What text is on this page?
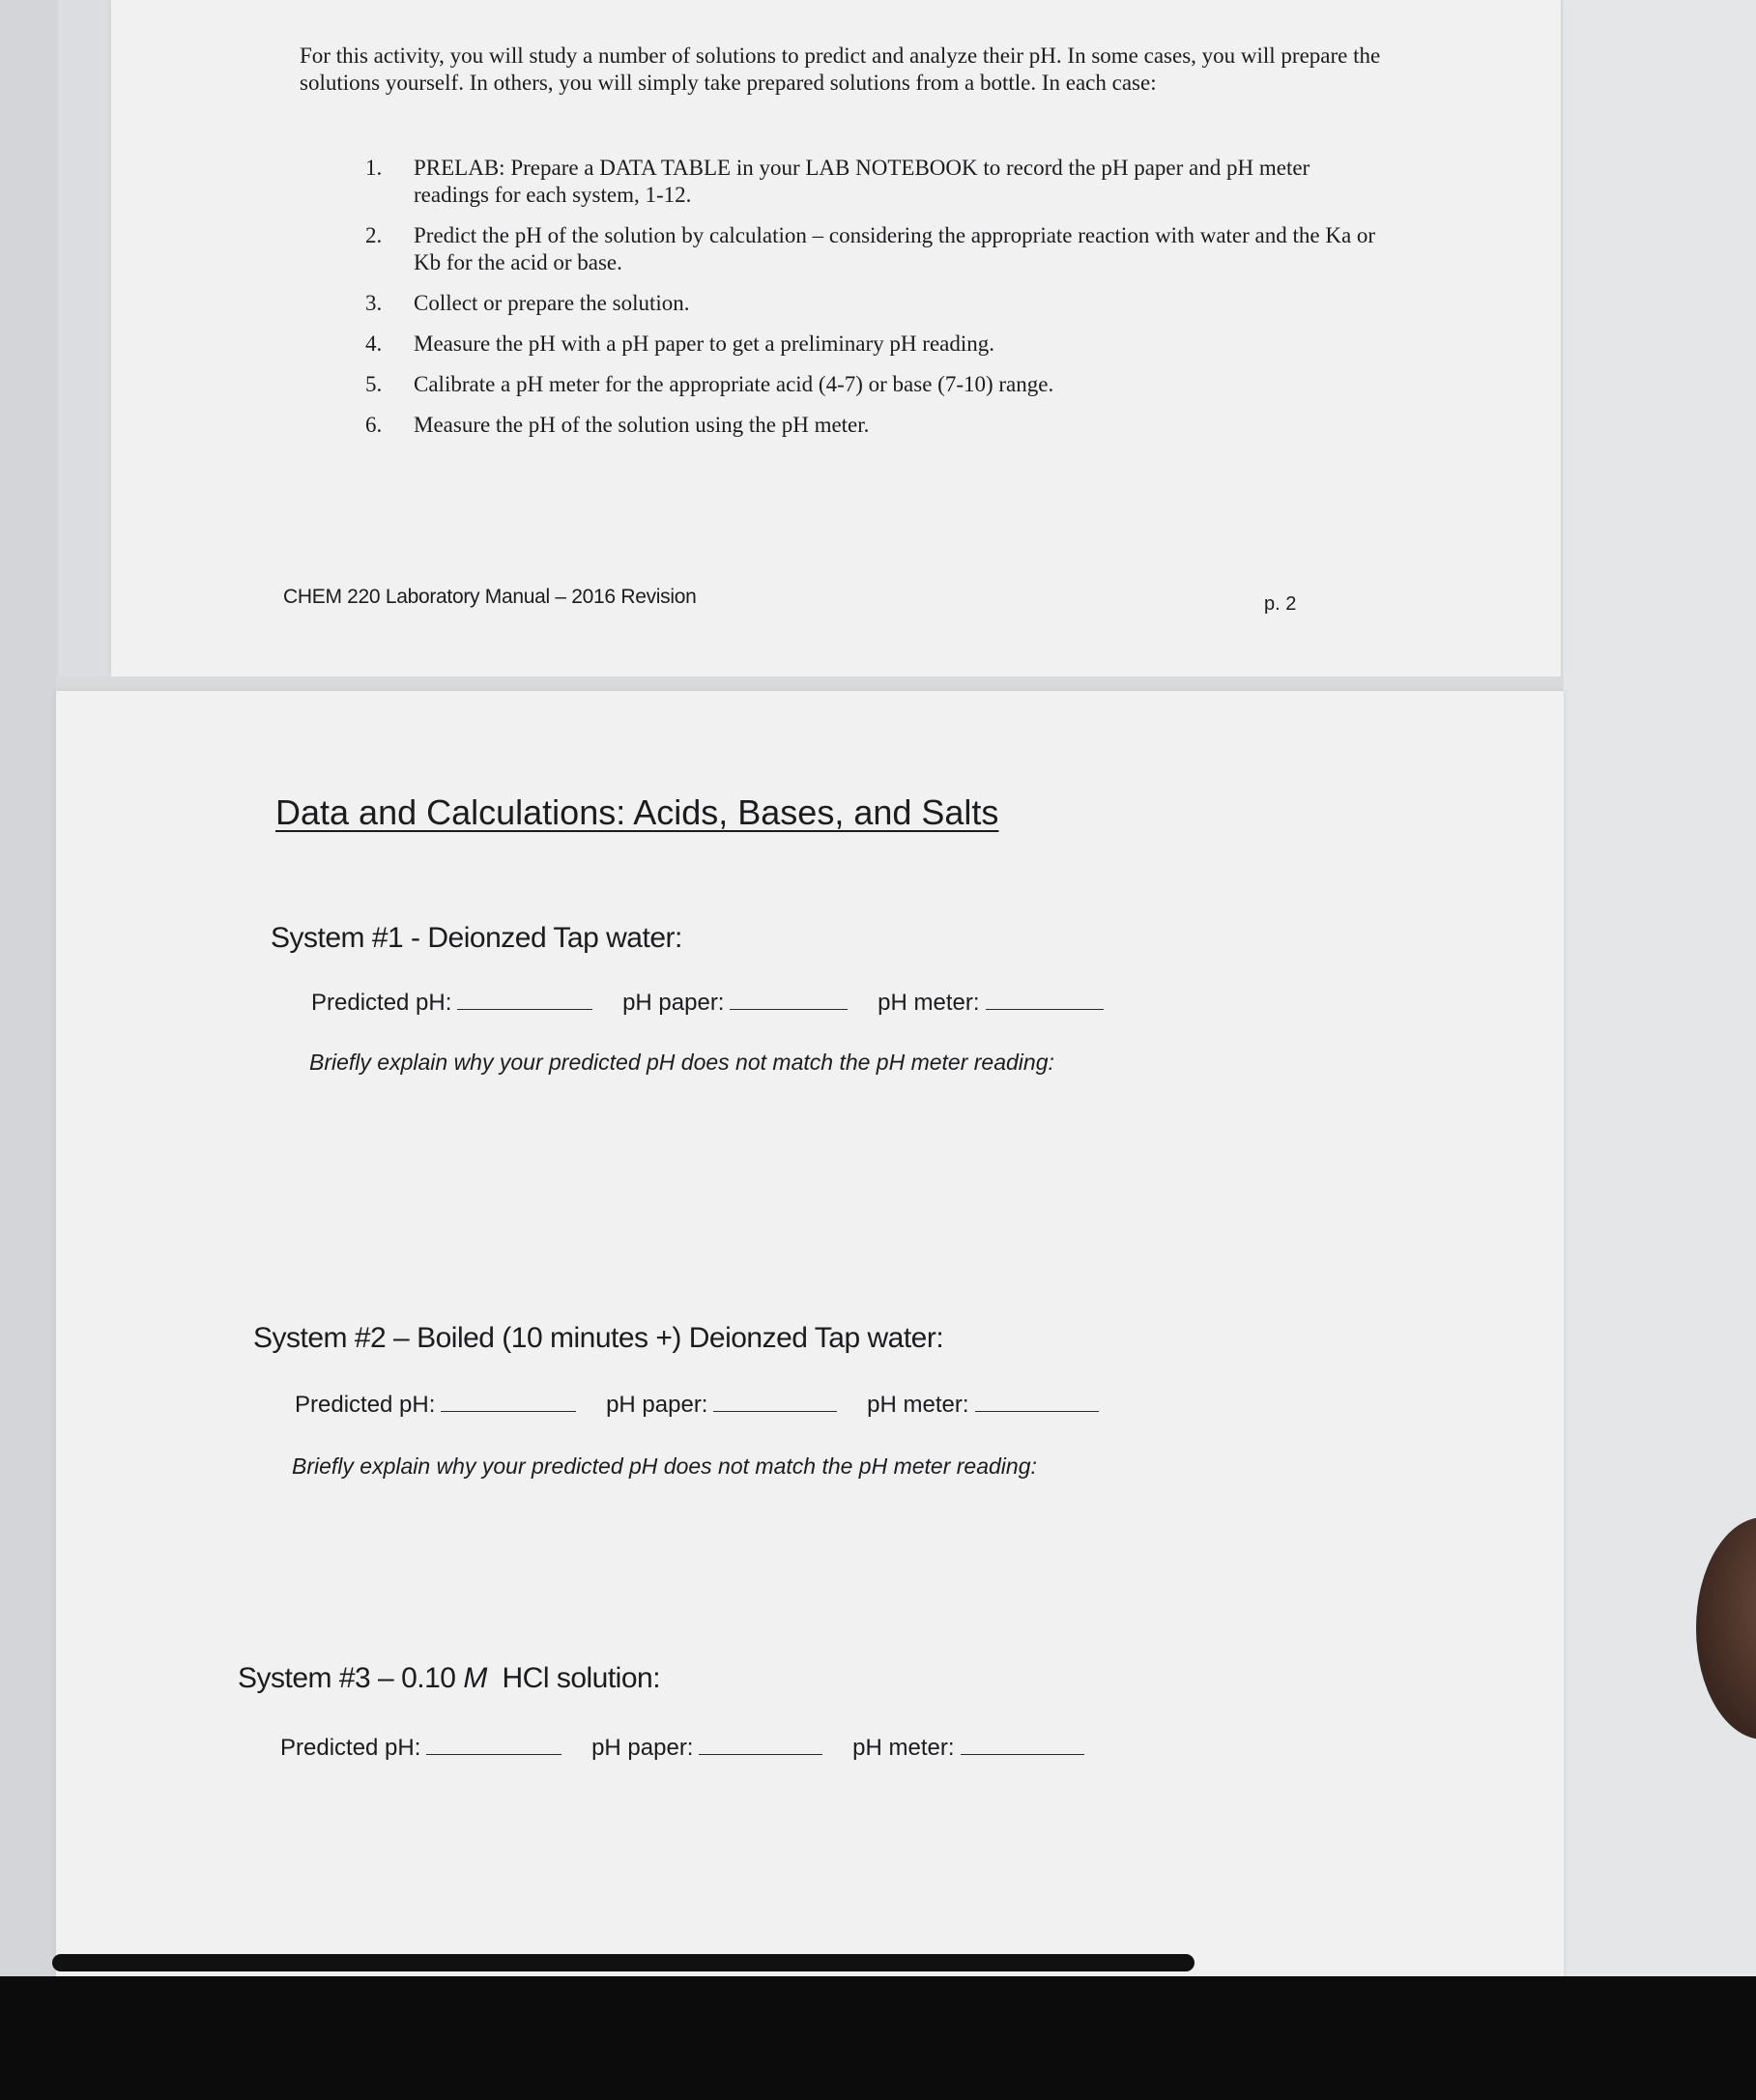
For this activity, you will study a number of solutions to predict and analyze their pH. In some cases, you will prepare the solutions yourself. In others, you will simply take prepared solutions from a bottle. In each case:
1.	PRELAB: Prepare a DATA TABLE in your LAB NOTEBOOK to record the pH paper and pH meter readings for each system, 1-12.
2.	Predict the pH of the solution by calculation – considering the appropriate reaction with water and the Ka or Kb for the acid or base.
3.	Collect or prepare the solution.
4.	Measure the pH with a pH paper to get a preliminary pH reading.
5.	Calibrate a pH meter for the appropriate acid (4-7) or base (7-10) range.
6.	Measure the pH of the solution using the pH meter.
CHEM 220 Laboratory Manual – 2016 Revision	p. 2
Data and Calculations: Acids, Bases, and Salts
System #1 - Deionzed Tap water:
Predicted pH:	pH paper:	pH meter:
Briefly explain why your predicted pH does not match the pH meter reading:
System #2 – Boiled (10 minutes +) Deionzed Tap water:
Predicted pH:	pH paper:	pH meter:
Briefly explain why your predicted pH does not match the pH meter reading:
System #3 – 0.10 M  HCl solution:
Predicted pH:	pH paper:	pH meter:
